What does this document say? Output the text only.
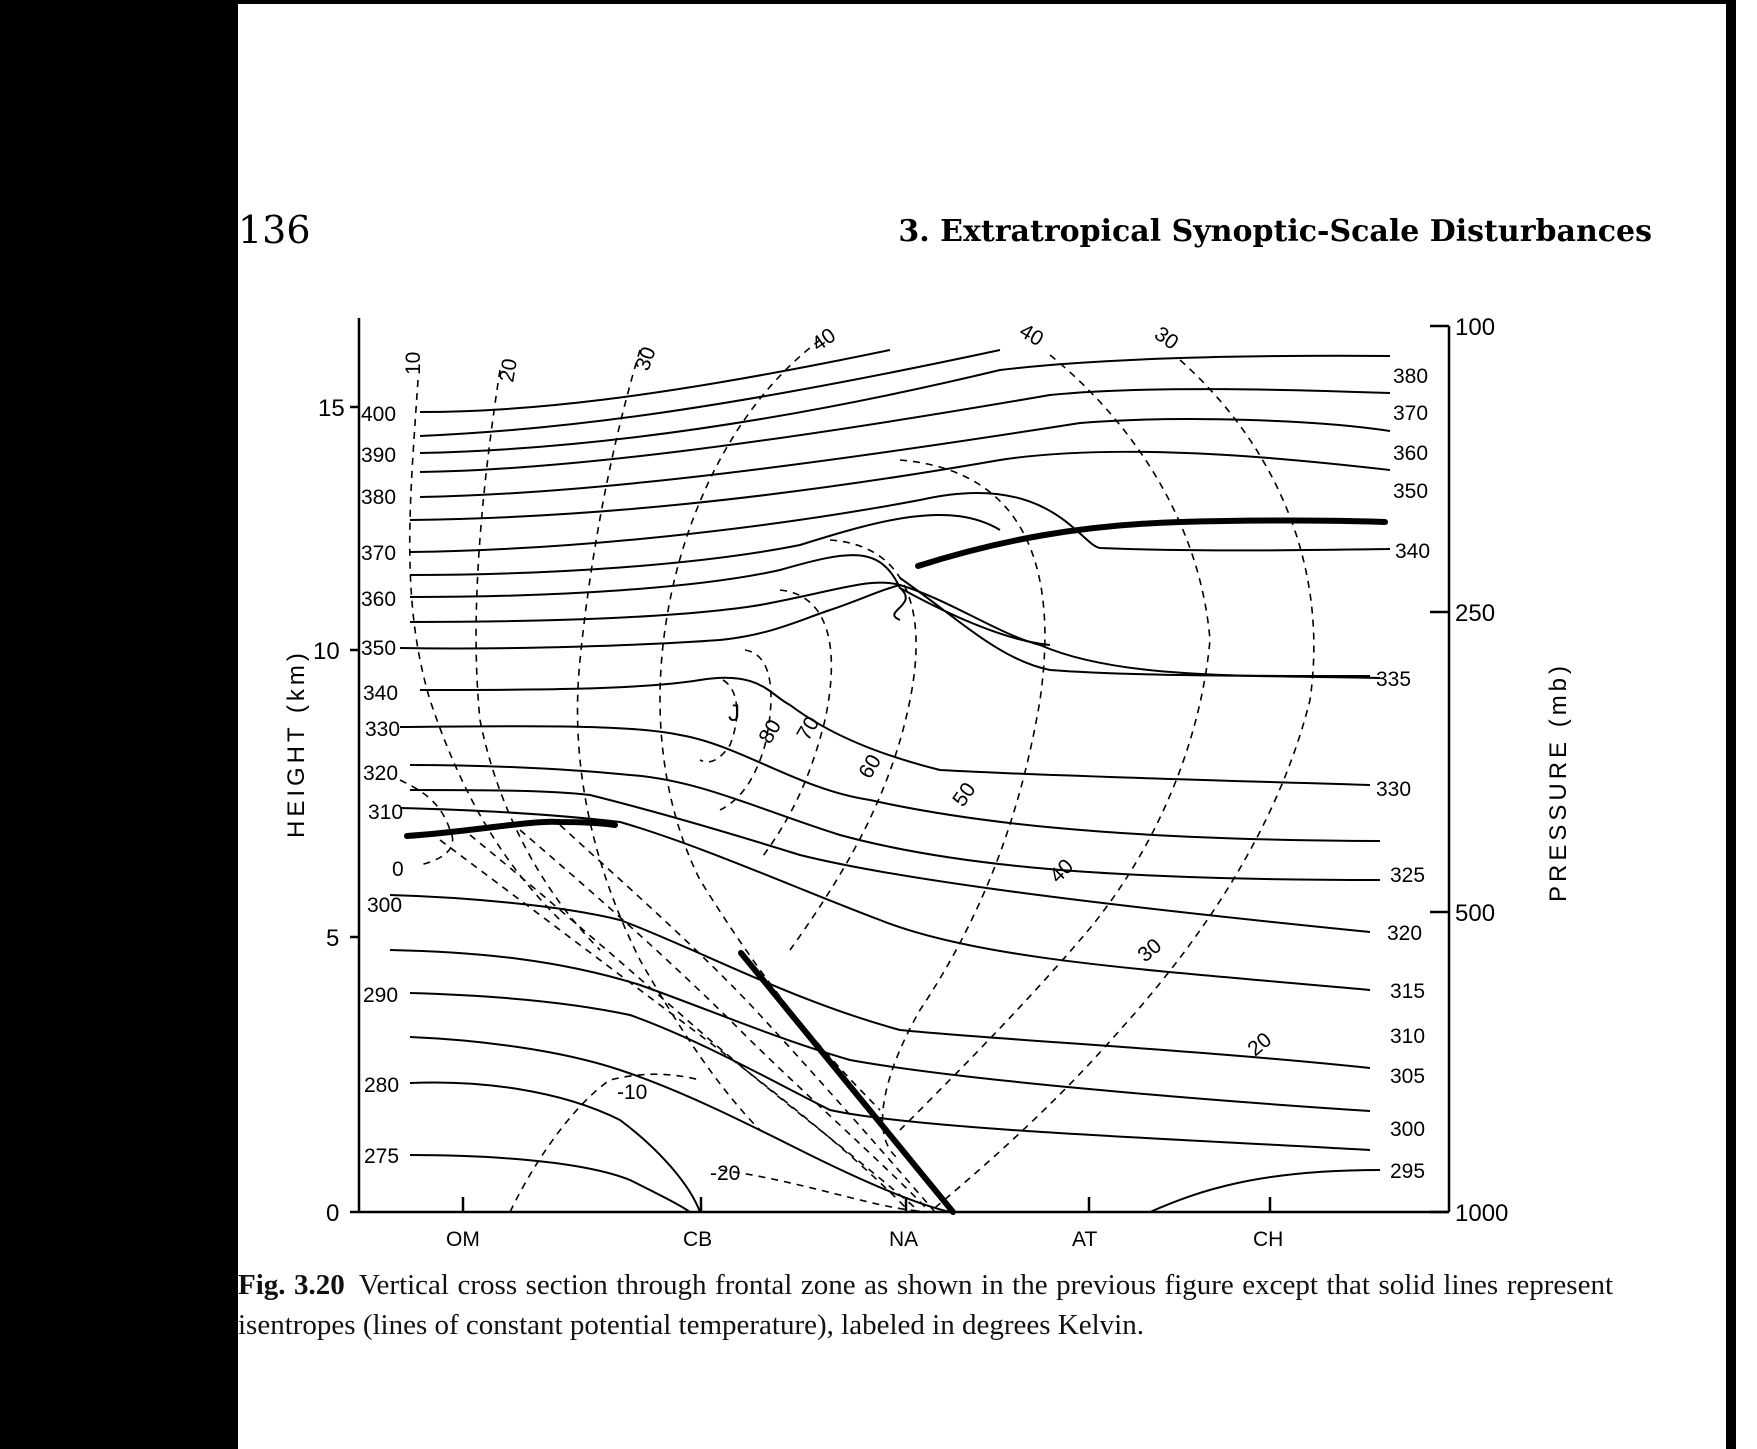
136	3. Extratropical Synoptic-Scale Disturbances
Fig. 3.20 Vertical cross section through frontal zone as shown in the previous figure except that solid lines represent isentropes (lines of constant potential temperature), labeled in degrees Kelvin.
0
5
10
15
HEIGHT (km)
100
250
500
1000
PRESSURE (mb)
OM	CB	NA	AT	CH
400
390
380
370
360
350
340
330
320
310
0
300
290
280
275
380
370
360
350
340
335
330
325
320
315
310
305
300
295
10	20	30
40	40	30
J
80 70
60
50
40
30
20
-10
-20
